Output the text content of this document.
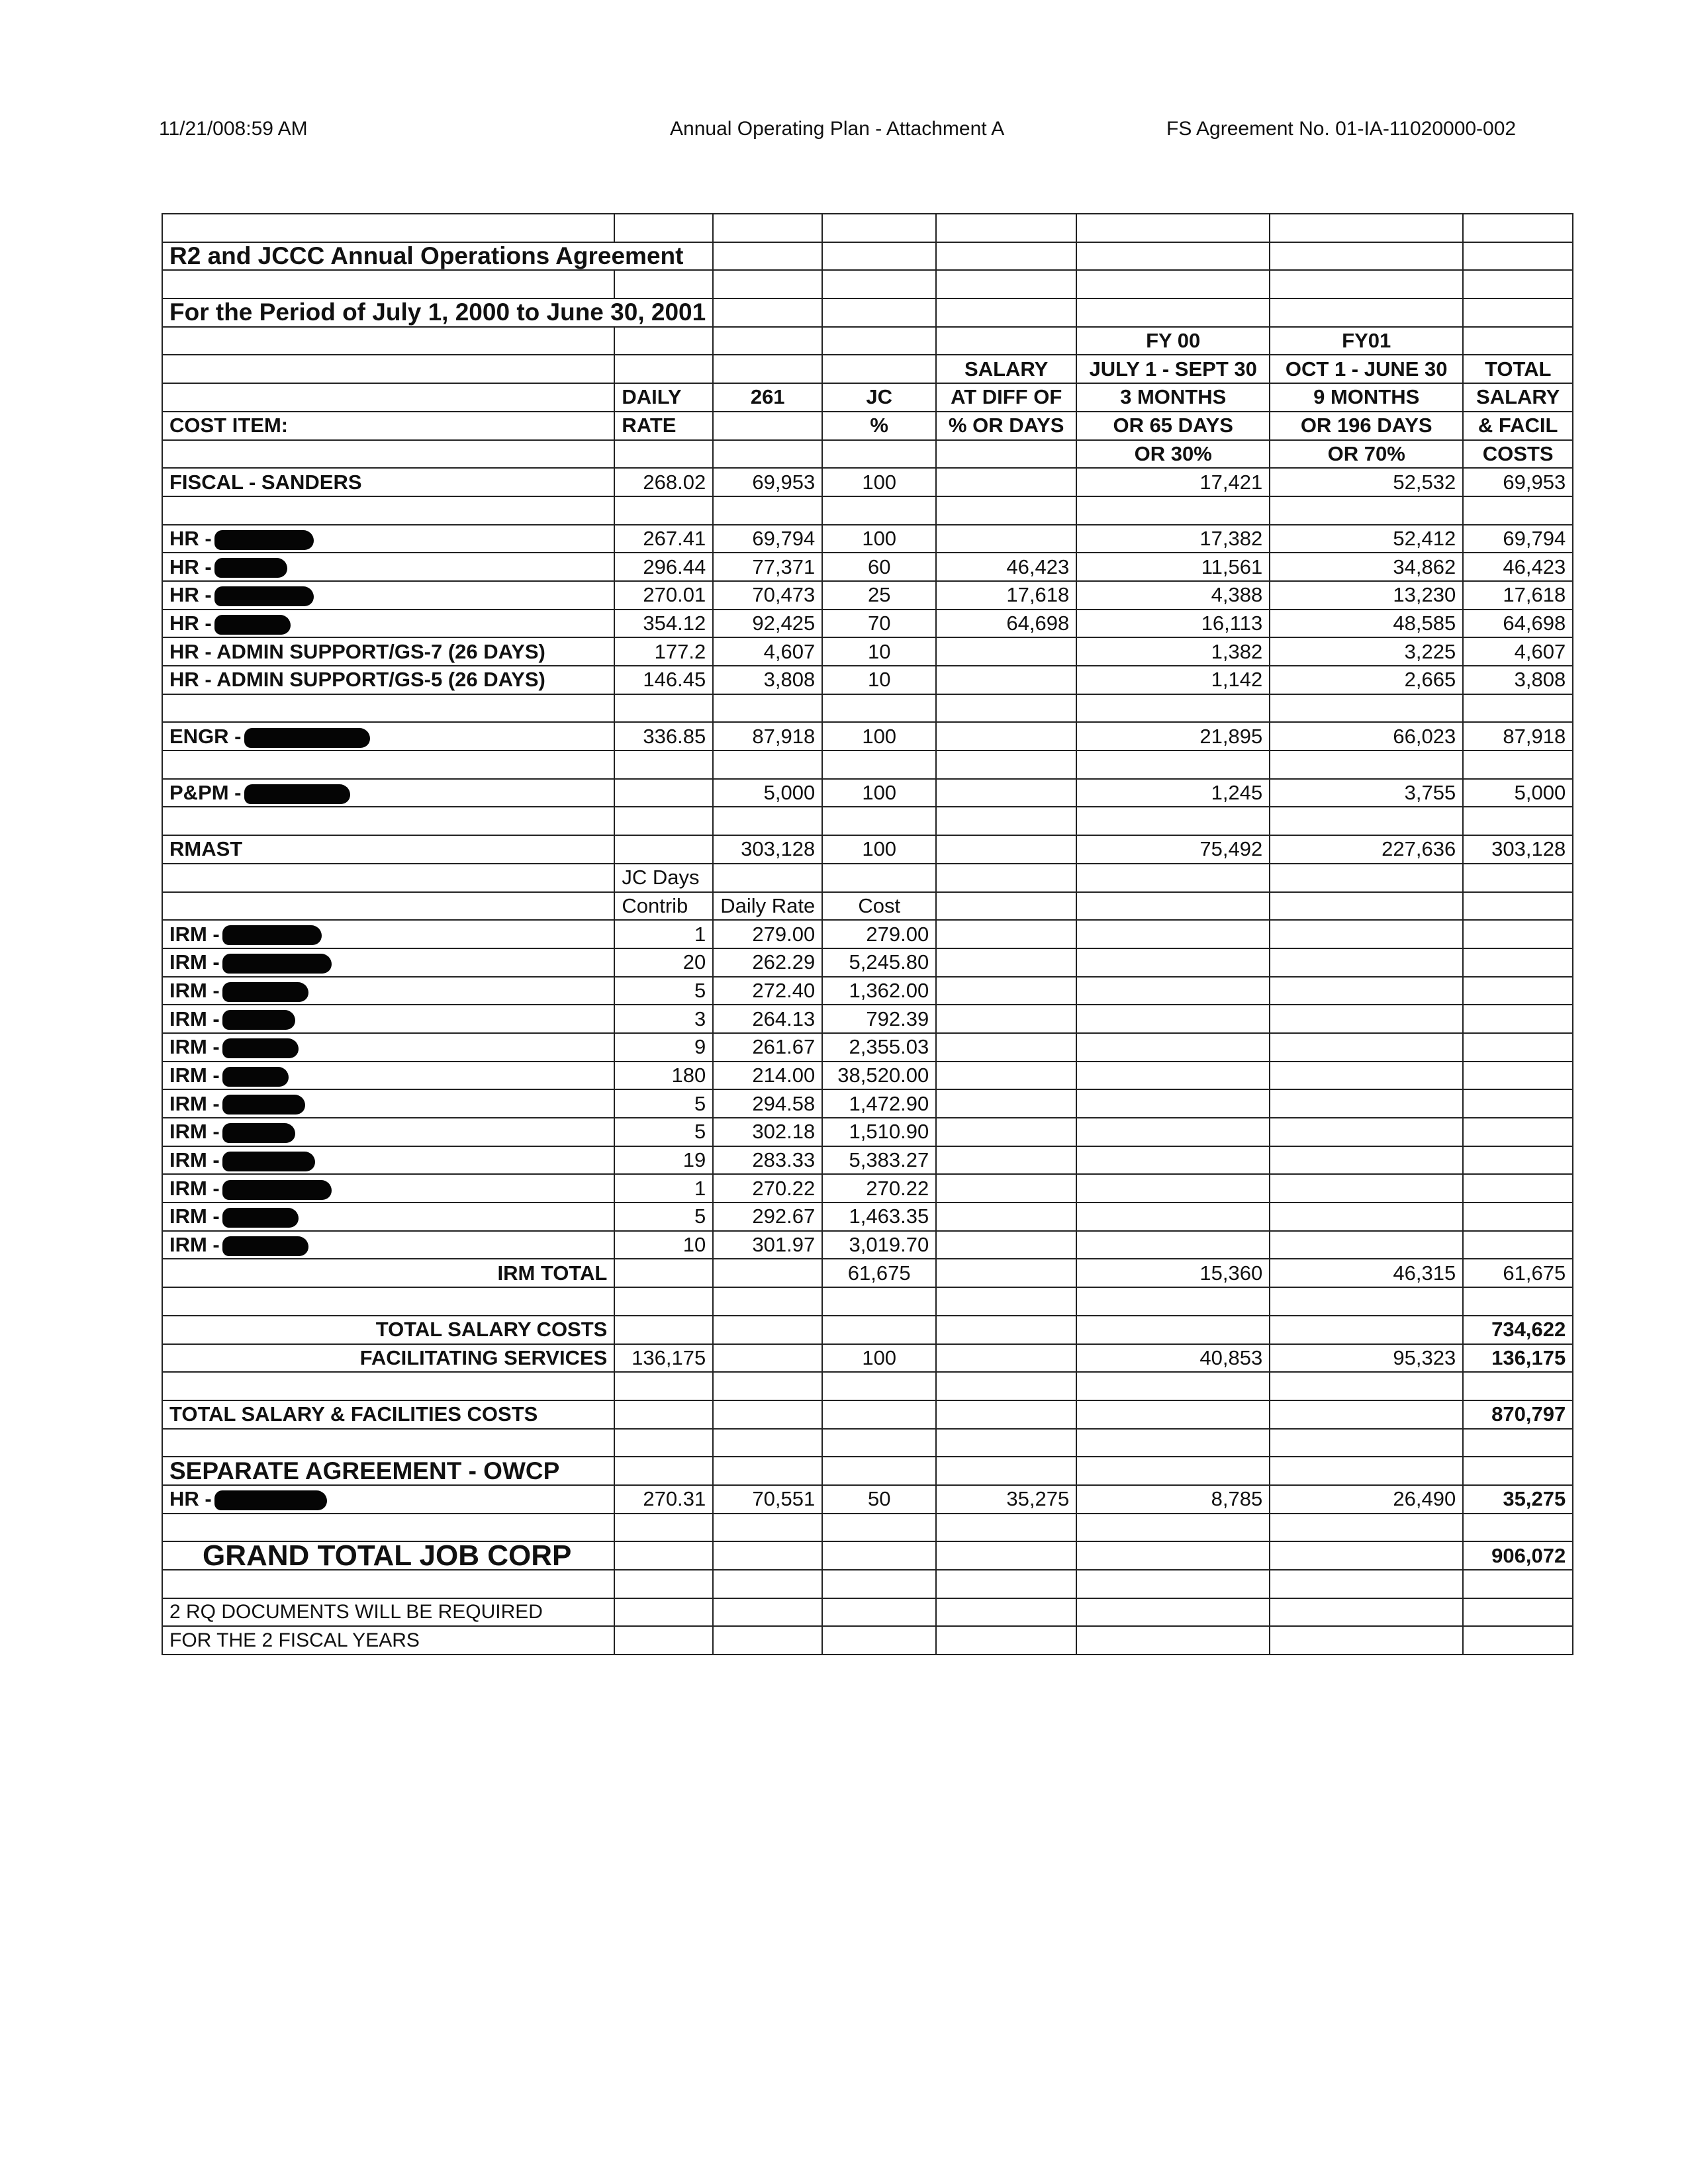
11/21/008:59 AM	Annual Operating Plan - Attachment A	FS Agreement No. 01-IA-11020000-002

R2 and JCCC Annual Operations Agreement							

For the Period of July 1, 2000 to June 30, 2001							
					FY 00	FY01	
				SALARY	JULY 1 - SEPT 30	OCT 1 - JUNE 30	TOTAL
	DAILY	261	JC	AT DIFF OF	3 MONTHS	9 MONTHS	SALARY
COST ITEM:	RATE		%	% OR DAYS	OR 65 DAYS	OR 196 DAYS	& FACIL
					OR 30%	OR 70%	COSTS
FISCAL - SANDERS	268.02	69,953	100		17,421	52,532	69,953

HR -	267.41	69,794	100		17,382	52,412	69,794
HR -	296.44	77,371	60	46,423	11,561	34,862	46,423
HR -	270.01	70,473	25	17,618	4,388	13,230	17,618
HR -	354.12	92,425	70	64,698	16,113	48,585	64,698
HR - ADMIN SUPPORT/GS-7 (26 DAYS)	177.2	4,607	10		1,382	3,225	4,607
HR - ADMIN SUPPORT/GS-5 (26 DAYS)	146.45	3,808	10		1,142	2,665	3,808

ENGR -	336.85	87,918	100		21,895	66,023	87,918

P&PM -		5,000	100		1,245	3,755	5,000

RMAST		303,128	100		75,492	227,636	303,128
	JC Days						
	Contrib	Daily Rate	Cost				
IRM -	1	279.00	279.00				
IRM -	20	262.29	5,245.80				
IRM -	5	272.40	1,362.00				
IRM -	3	264.13	792.39				
IRM -	9	261.67	2,355.03				
IRM -	180	214.00	38,520.00				
IRM -	5	294.58	1,472.90				
IRM -	5	302.18	1,510.90				
IRM -	19	283.33	5,383.27				
IRM -	1	270.22	270.22				
IRM -	5	292.67	1,463.35				
IRM -	10	301.97	3,019.70				
IRM TOTAL			61,675		15,360	46,315	61,675

TOTAL SALARY COSTS							734,622
FACILITATING SERVICES	136,175		100		40,853	95,323	136,175

TOTAL SALARY & FACILITIES COSTS							870,797

SEPARATE AGREEMENT - OWCP							
HR -	270.31	70,551	50	35,275	8,785	26,490	35,275

GRAND TOTAL JOB CORP							906,072

2 RQ DOCUMENTS WILL BE REQUIRED							
FOR THE 2 FISCAL YEARS							
